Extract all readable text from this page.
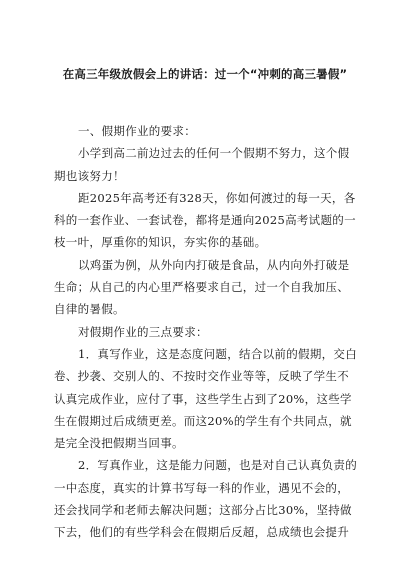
在高三年级放假会上的讲话：过一个“冲刺的高三暑假”
一、假期作业的要求：
小学到高二前边过去的任何一个假期不努力，这个假
期也该努力！
距2025年高考还有328天，你如何渡过的每一天，各
科的一套作业、一套试卷，都将是通向2025高考试题的一
枝一叶，厚重你的知识，夯实你的基础。
以鸡蛋为例，从外向内打破是食品，从内向外打破是
生命；从自己的内心里严格要求自己，过一个自我加压、
自律的暑假。
对假期作业的三点要求：
1．真写作业，这是态度问题，结合以前的假期，交白
卷、抄袭、交别人的、不按时交作业等等，反映了学生不
认真完成作业，应付了事，这些学生占到了20%，这些学
生在假期过后成绩更差。而这20%的学生有个共同点，就
是完全没把假期当回事。
2．写真作业，这是能力问题，也是对自己认真负责的
一中态度，真实的计算书写每一科的作业，遇见不会的，
还会找同学和老师去解决问题；这部分占比30%，坚持做
下去，他们的有些学科会在假期后反超，总成绩也会提升
